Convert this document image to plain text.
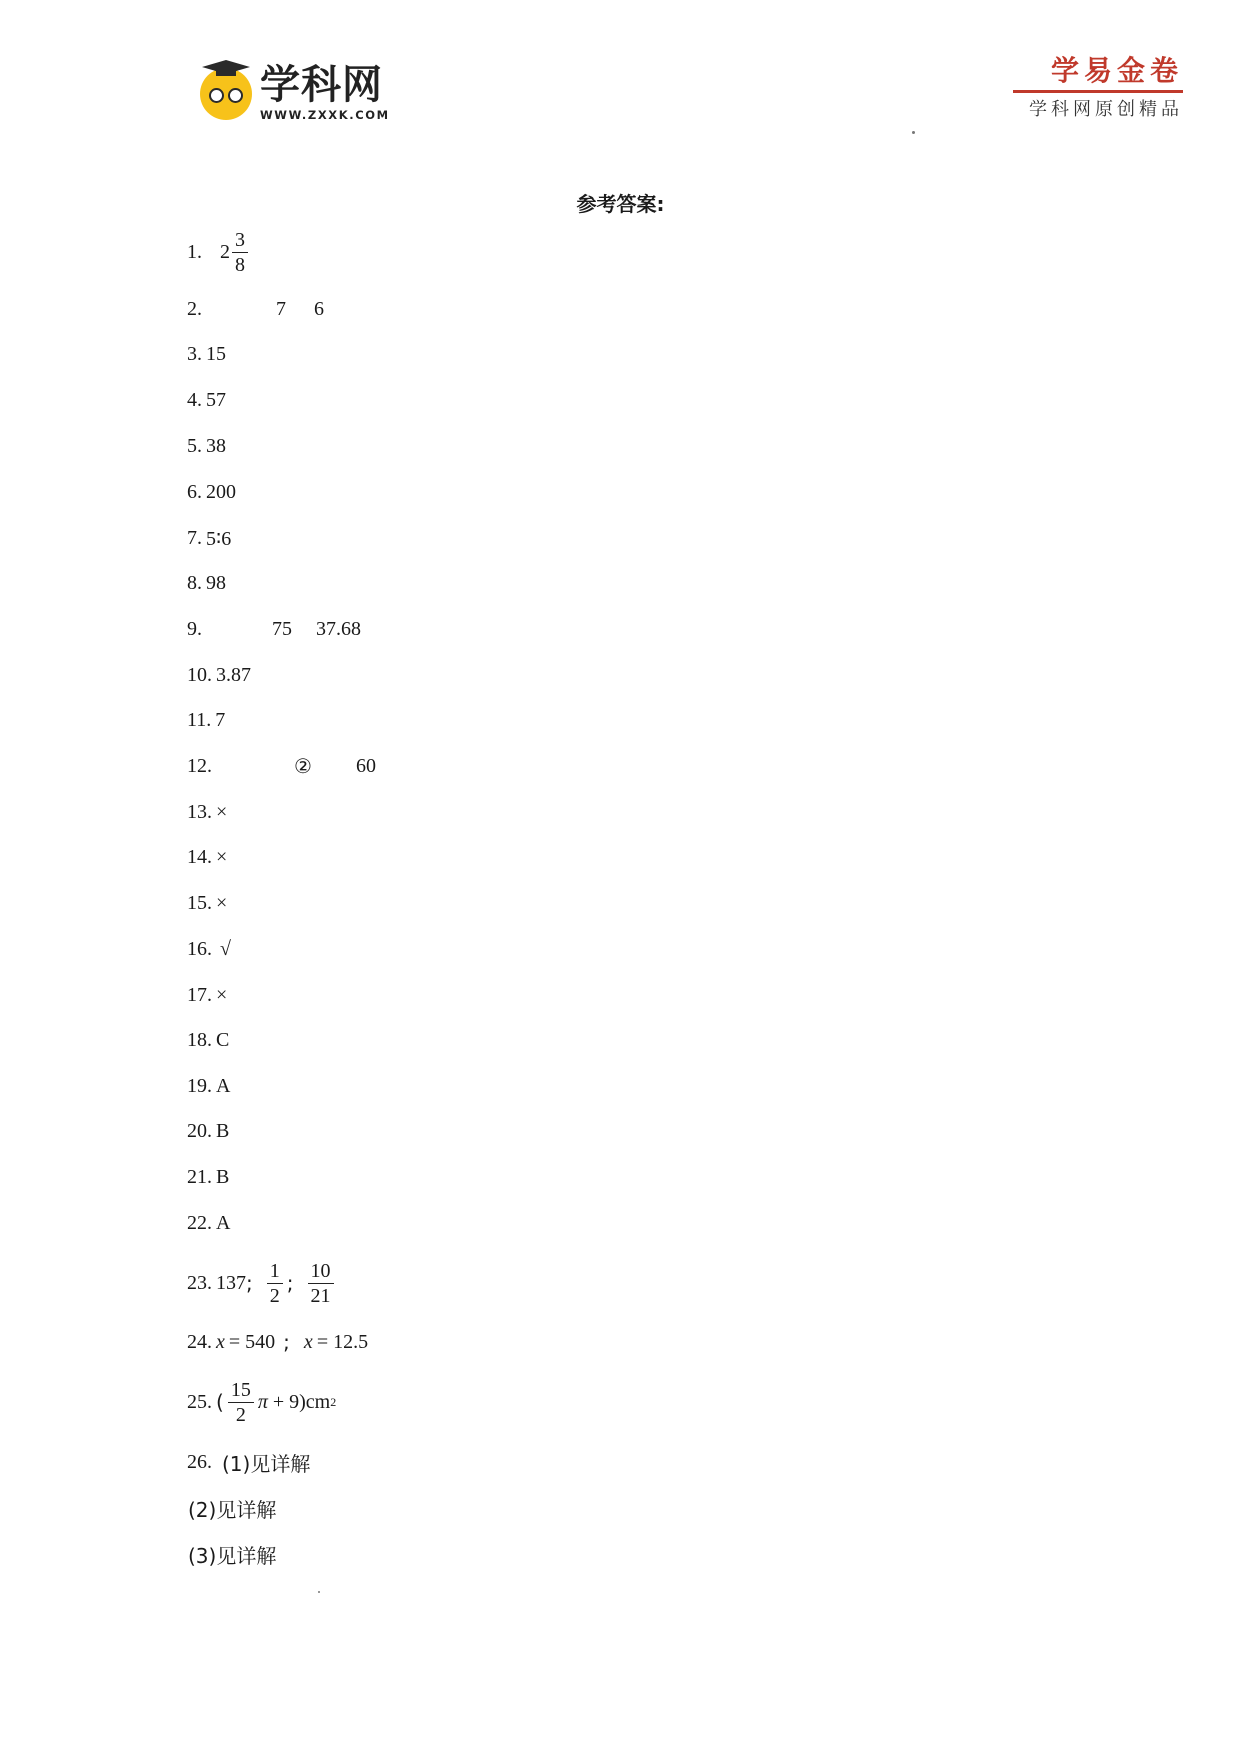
学科网
WWW.ZXXK.COM
学易金卷
学科网原创精品
参考答案:
1 . $2 \frac{3}{8}$
2 .	7 6
3 . 15
4 . 57
5 . 38
6 . 200
7 . 5∶6
8 . 98
9 .	75 37.68
10 . 3.87
11 . 7
12 .	② 60
13 . ×
14 . ×
15 . ×
16 . √
17 . ×
18 . C
19 . A
20 . B
21 . B
22 . A
23 . 137 ; $\frac{1}{2}$ ; $\frac{10}{21}$
24 . x = 540 ; x = 12.5
25 . ( $\frac{15}{2}$ π + 9) cm 2
26 . (1)见详解
(2)见详解
(3)见详解
